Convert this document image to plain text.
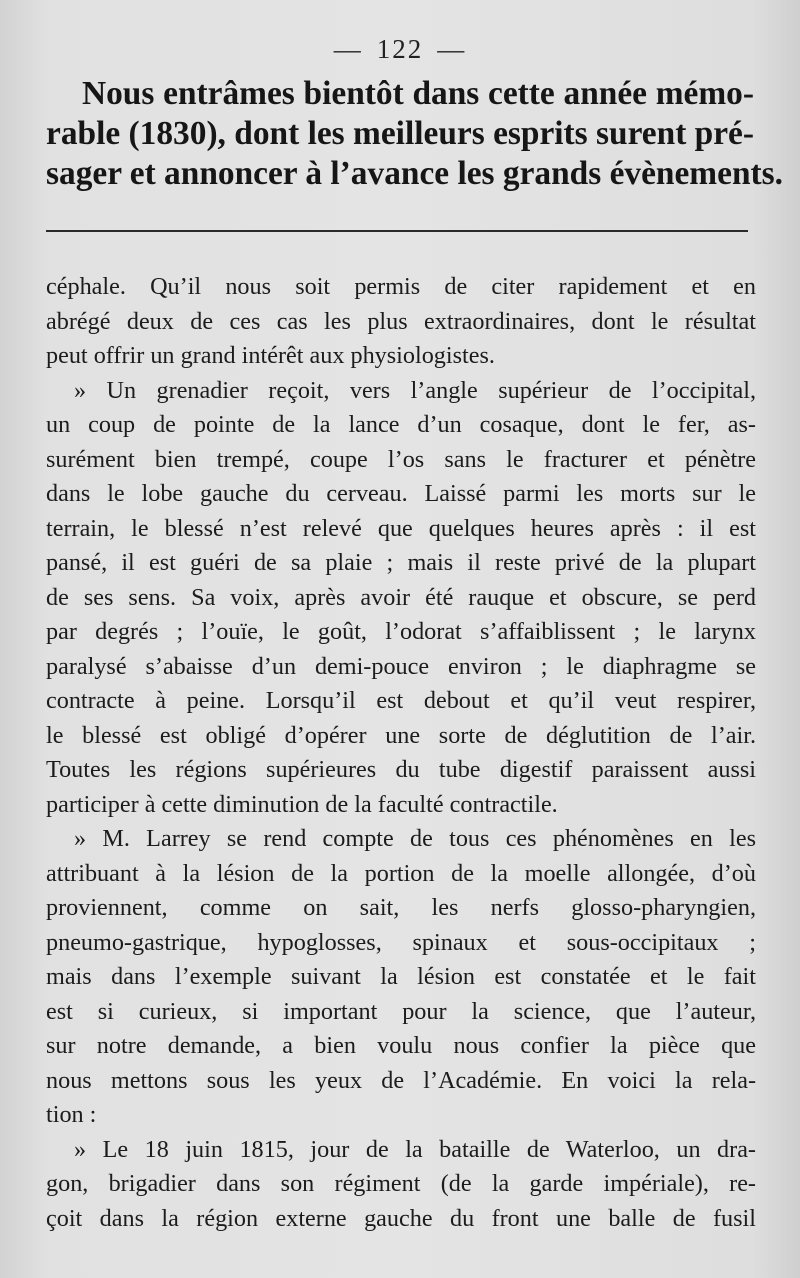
— 122 —
Nous entrâmes bientôt dans cette année mémo-
rable (1830), dont les meilleurs esprits surent pré-
sager et annoncer à l’avance les grands évènements.
céphale. Qu’il nous soit permis de citer rapidement et en
abrégé deux de ces cas les plus extraordinaires, dont le résultat
peut offrir un grand intérêt aux physiologistes.
» Un grenadier reçoit, vers l’angle supérieur de l’occipital,
un coup de pointe de la lance d’un cosaque, dont le fer, as-
surément bien trempé, coupe l’os sans le fracturer et pénètre
dans le lobe gauche du cerveau. Laissé parmi les morts sur le
terrain, le blessé n’est relevé que quelques heures après : il est
pansé, il est guéri de sa plaie ; mais il reste privé de la plupart
de ses sens. Sa voix, après avoir été rauque et obscure, se perd
par degrés ; l’ouïe, le goût, l’odorat s’affaiblissent ; le larynx
paralysé s’abaisse d’un demi-pouce environ ; le diaphragme se
contracte à peine. Lorsqu’il est debout et qu’il veut respirer,
le blessé est obligé d’opérer une sorte de déglutition de l’air.
Toutes les régions supérieures du tube digestif paraissent aussi
participer à cette diminution de la faculté contractile.
» M. Larrey se rend compte de tous ces phénomènes en les
attribuant à la lésion de la portion de la moelle allongée, d’où
proviennent, comme on sait, les nerfs glosso-pharyngien,
pneumo-gastrique, hypoglosses, spinaux et sous-occipitaux ;
mais dans l’exemple suivant la lésion est constatée et le fait
est si curieux, si important pour la science, que l’auteur,
sur notre demande, a bien voulu nous confier la pièce que
nous mettons sous les yeux de l’Académie. En voici la rela-
tion :
» Le 18 juin 1815, jour de la bataille de Waterloo, un dra-
gon, brigadier dans son régiment (de la garde impériale), re-
çoit dans la région externe gauche du front une balle de fusil
